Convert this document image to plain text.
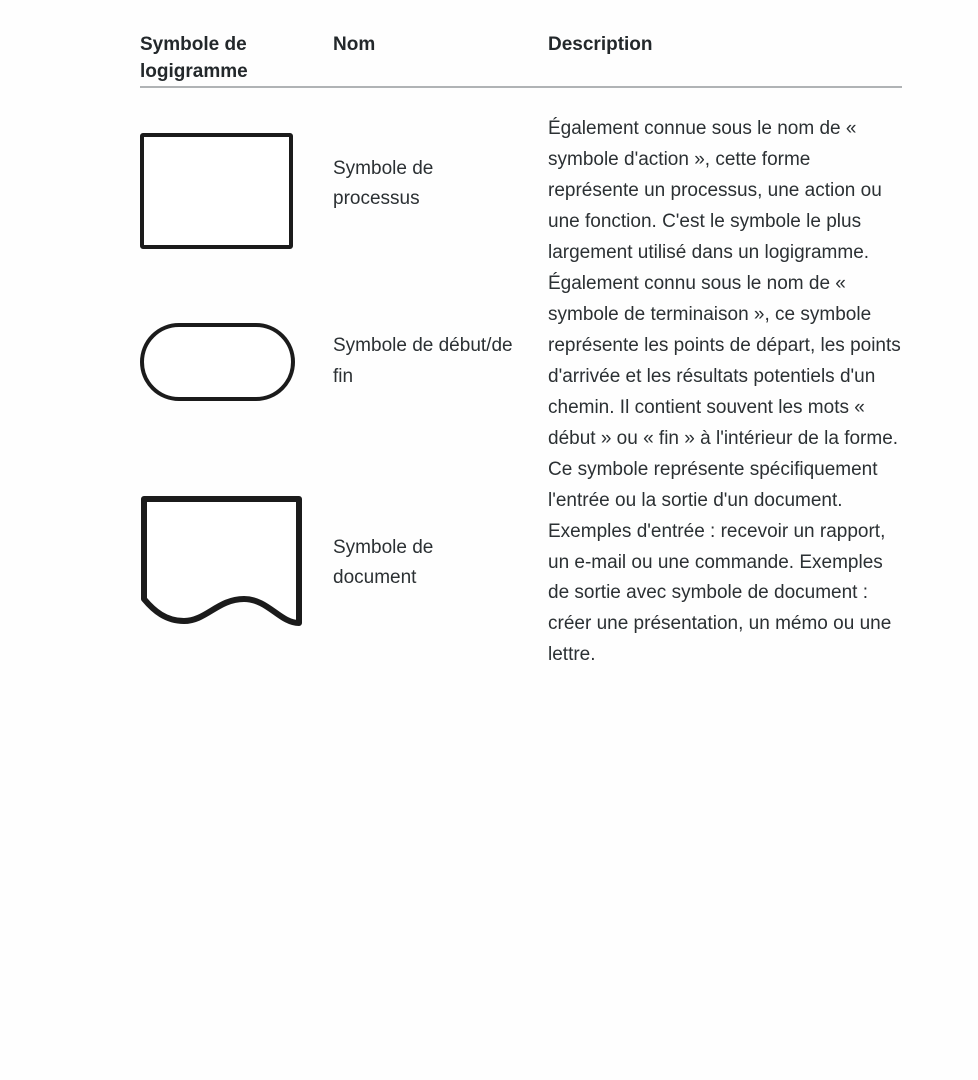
Symbole de logigramme	Nom	Description

	Symbole de processus	Également connue sous le nom de « symbole d'action », cette forme représente un processus, une action ou une fonction. C'est le symbole le plus largement utilisé dans un logigramme.

	Symbole de début/de fin	Également connu sous le nom de « symbole de terminaison », ce symbole représente les points de départ, les points d'arrivée et les résultats potentiels d'un chemin. Il contient souvent les mots « début » ou « fin » à l'intérieur de la forme.

	Symbole de document	Ce symbole représente spécifiquement l'entrée ou la sortie d'un document. Exemples d'entrée : recevoir un rapport, un e-mail ou une commande. Exemples de sortie avec symbole de document : créer une présentation, un mémo ou une lettre.
